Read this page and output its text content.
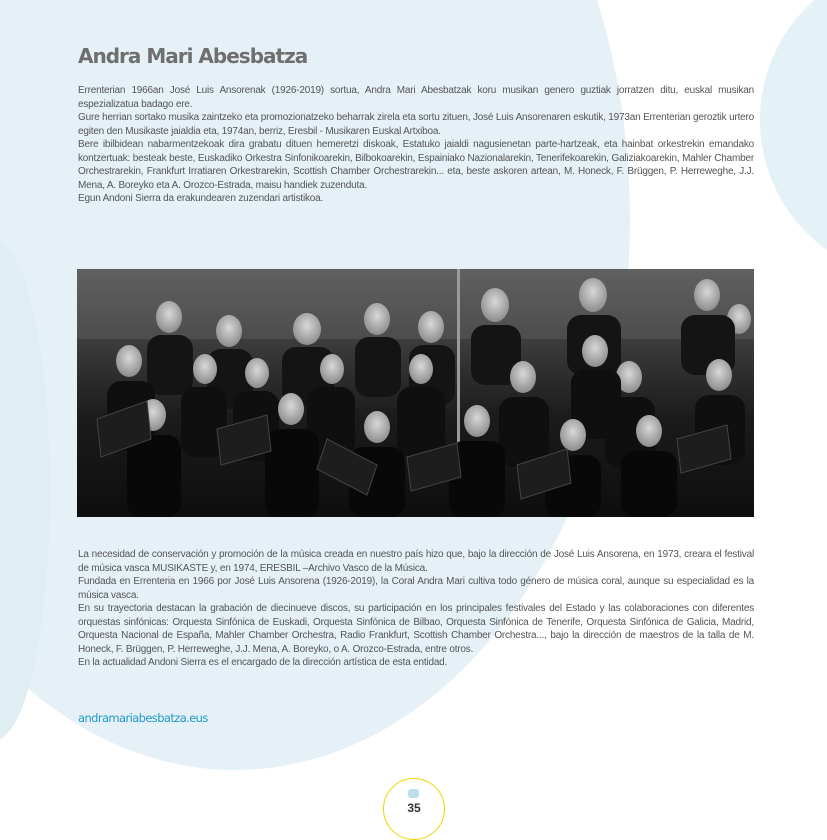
Andra Mari Abesbatza

Errenterian 1966an José Luis Ansorenak (1926-2019) sortua, Andra Mari Abesbatzak koru musikan genero guztiak jorratzen ditu, euskal musikan espezializatua badago ere.

Gure herrian sortako musika zaintzeko eta promozionatzeko beharrak zirela eta sortu zituen, José Luis Ansorenaren eskutik, 1973an Errenterian geroztik urtero egiten den Musikaste jaialdia eta, 1974an, berriz, Eresbil - Musikaren Euskal Artxiboa.

Bere ibilbidean nabarmentzekoak dira grabatu dituen hemeretzi diskoak, Estatuko jaialdi nagusienetan parte-hartzeak, eta hainbat orkestrekin emandako kontzertuak: besteak beste, Euskadiko Orkestra Sinfonikoarekin, Bilbokoarekin, Espainiako Nazionalarekin, Tenerifekoarekin, Galiziakoarekin, Mahler Chamber Orchestrarekin, Frankfurt Irratiaren Orkestrarekin, Scottish Chamber Orchestrarekin... eta, beste askoren artean, M. Honeck, F. Brüggen, P. Herreweghe, J.J. Mena, A. Boreyko eta A. Orozco-Estrada, maisu handiek zuzenduta.

Egun Andoni Sierra da erakundearen zuzendari artistikoa.

La necesidad de conservación y promoción de la música creada en nuestro país hizo que, bajo la dirección de José Luis Ansorena, en 1973, creara el festival de música vasca MUSIKASTE y, en 1974, ERESBIL –Archivo Vasco de la Música.

Fundada en Errenteria en 1966 por José Luis Ansorena (1926-2019), la Coral Andra Mari cultiva todo género de música coral, aunque su especialidad es la música vasca.

En su trayectoria destacan la grabación de diecinueve discos, su participación en los principales festivales del Estado y las colaboraciones con diferentes orquestas sinfónicas: Orquesta Sinfónica de Euskadi, Orquesta Sinfónica de Bilbao, Orquesta Sinfónica de Tenerife, Orquesta Sinfónica de Galicia, Madrid, Orquesta Nacional de España, Mahler Chamber Orchestra, Radio Frankfurt, Scottish Chamber Orchestra..., bajo la dirección de maestros de la talla de M. Honeck, F. Brüggen, P. Herreweghe, J.J. Mena, A. Boreyko, o A. Orozco-Estrada, entre otros.

En la actualidad Andoni Sierra es el encargado de la dirección artística de esta entidad.

andramariabesbatza.eus
35
